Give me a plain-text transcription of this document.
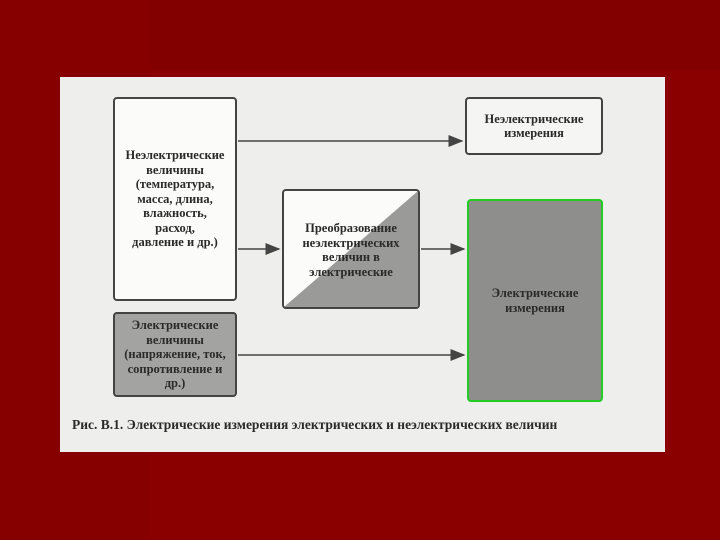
Неэлектрические
величины
(температура,
масса, длина,
влажность,
расход,
давление и др.)
Электрические
величины
(напряжение, ток,
сопротивление и
др.)
Преобразование
неэлектрических
величин в
электрические
Неэлектрические
измерения
Электрические
измерения
Рис. В.1. Электрические измерения электрических и неэлектрических величин
